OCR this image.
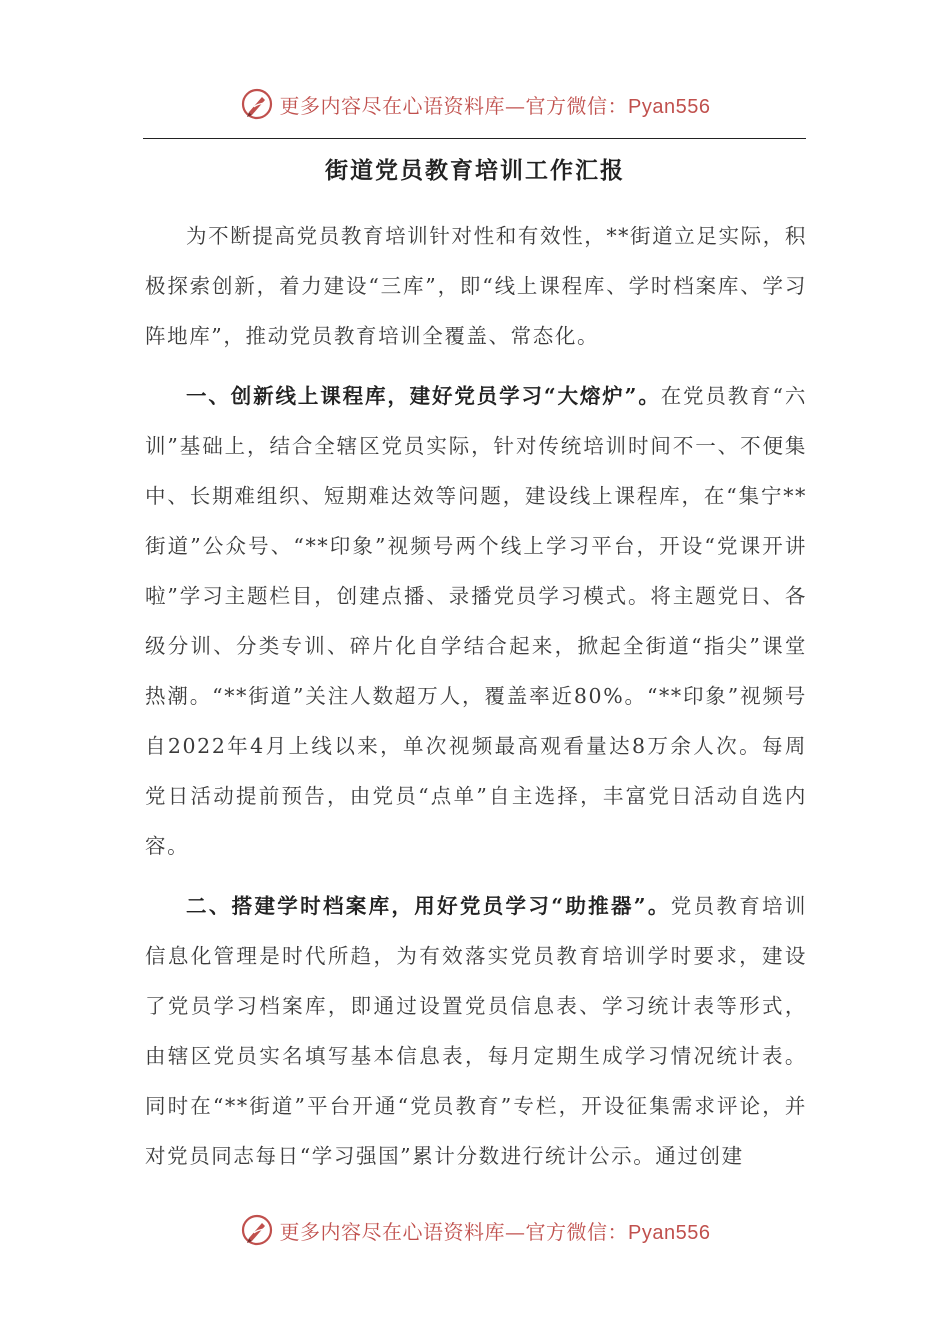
更多内容尽在心语资料库—官方微信：Pyan556
街道党员教育培训工作汇报

为不断提高党员教育培训针对性和有效性，**街道立足实际，积极探索创新，着力建设“三库”，即“线上课程库、学时档案库、学习阵地库”，推动党员教育培训全覆盖、常态化。

一、创新线上课程库，建好党员学习“大熔炉”。在党员教育“六训”基础上，结合全辖区党员实际，针对传统培训时间不一、不便集中、长期难组织、短期难达效等问题，建设线上课程库，在“集宁**街道”公众号、“**印象”视频号两个线上学习平台，开设“党课开讲啦”学习主题栏目，创建点播、录播党员学习模式。将主题党日、各级分训、分类专训、碎片化自学结合起来，掀起全街道“指尖”课堂热潮。“**街道”关注人数超万人，覆盖率近80%。“**印象”视频号自2022年4月上线以来，单次视频最高观看量达8万余人次。每周党日活动提前预告，由党员“点单”自主选择，丰富党日活动自选内容。

二、搭建学时档案库，用好党员学习“助推器”。党员教育培训信息化管理是时代所趋，为有效落实党员教育培训学时要求，建设了党员学习档案库，即通过设置党员信息表、学习统计表等形式，由辖区党员实名填写基本信息表，每月定期生成学习情况统计表。同时在“**街道”平台开通“党员教育”专栏，开设征集需求评论，并对党员同志每日“学习强国”累计分数进行统计公示。通过创建

更多内容尽在心语资料库—官方微信：Pyan556
